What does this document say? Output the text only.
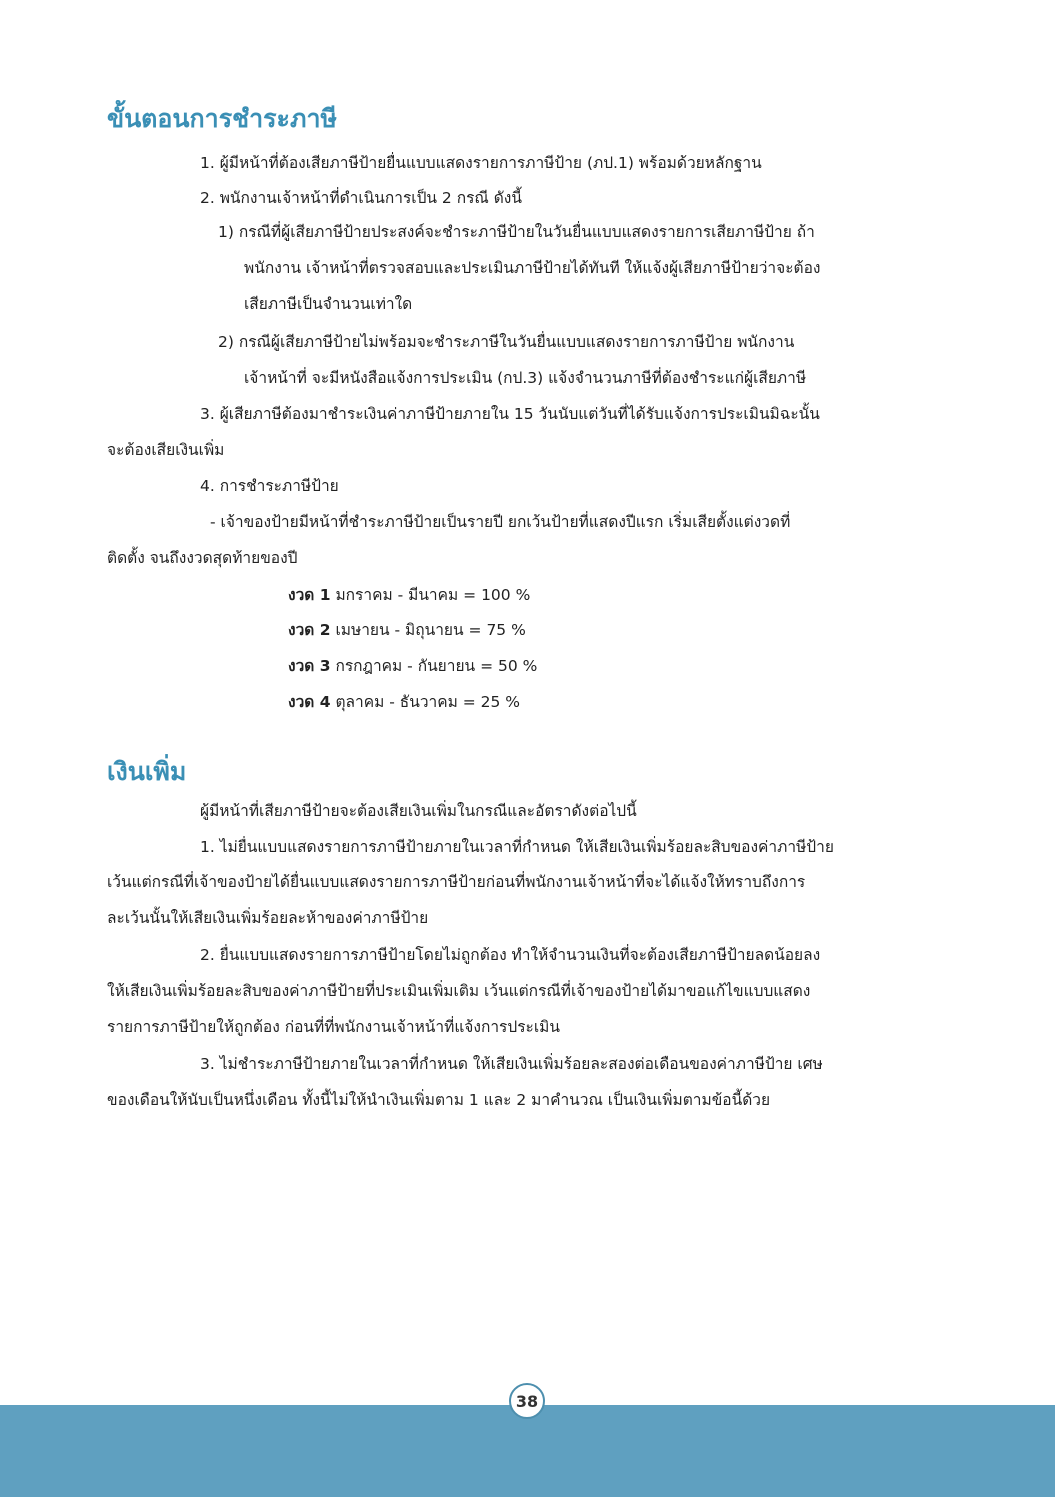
ขั้นตอนการชำระภาษี
1. ผู้มีหน้าที่ต้องเสียภาษีป้ายยื่นแบบแสดงรายการภาษีป้าย (ภป.1) พร้อมด้วยหลักฐาน
2. พนักงานเจ้าหน้าที่ดำเนินการเป็น 2 กรณี ดังนี้
1) กรณีที่ผู้เสียภาษีป้ายประสงค์จะชำระภาษีป้ายในวันยื่นแบบแสดงรายการเสียภาษีป้าย ถ้า
พนักงาน เจ้าหน้าที่ตรวจสอบและประเมินภาษีป้ายได้ทันที ให้แจ้งผู้เสียภาษีป้ายว่าจะต้อง
เสียภาษีเป็นจำนวนเท่าใด
2) กรณีผู้เสียภาษีป้ายไม่พร้อมจะชำระภาษีในวันยื่นแบบแสดงรายการภาษีป้าย พนักงาน
เจ้าหน้าที่ จะมีหนังสือแจ้งการประเมิน (กป.3) แจ้งจำนวนภาษีที่ต้องชำระแก่ผู้เสียภาษี
3. ผู้เสียภาษีต้องมาชำระเงินค่าภาษีป้ายภายใน 15 วันนับแต่วันที่ได้รับแจ้งการประเมินมิฉะนั้น
จะต้องเสียเงินเพิ่ม
4. การชำระภาษีป้าย
- เจ้าของป้ายมีหน้าที่ชำระภาษีป้ายเป็นรายปี ยกเว้นป้ายที่แสดงปีแรก เริ่มเสียตั้งแต่งวดที่
ติดตั้ง จนถึงงวดสุดท้ายของปี
งวด 1 มกราคม - มีนาคม = 100 %
งวด 2 เมษายน - มิถุนายน = 75 %
งวด 3 กรกฎาคม - กันยายน = 50 %
งวด 4 ตุลาคม - ธันวาคม = 25 %
เงินเพิ่ม
ผู้มีหน้าที่เสียภาษีป้ายจะต้องเสียเงินเพิ่มในกรณีและอัตราดังต่อไปนี้
1. ไม่ยื่นแบบแสดงรายการภาษีป้ายภายในเวลาที่กำหนด ให้เสียเงินเพิ่มร้อยละสิบของค่าภาษีป้าย
เว้นแต่กรณีที่เจ้าของป้ายได้ยื่นแบบแสดงรายการภาษีป้ายก่อนที่พนักงานเจ้าหน้าที่จะได้แจ้งให้ทราบถึงการ
ละเว้นนั้นให้เสียเงินเพิ่มร้อยละห้าของค่าภาษีป้าย
2. ยื่นแบบแสดงรายการภาษีป้ายโดยไม่ถูกต้อง ทำให้จำนวนเงินที่จะต้องเสียภาษีป้ายลดน้อยลง
ให้เสียเงินเพิ่มร้อยละสิบของค่าภาษีป้ายที่ประเมินเพิ่มเติม เว้นแต่กรณีที่เจ้าของป้ายได้มาขอแก้ไขแบบแสดง
รายการภาษีป้ายให้ถูกต้อง ก่อนที่ที่พนักงานเจ้าหน้าที่แจ้งการประเมิน
3. ไม่ชำระภาษีป้ายภายในเวลาที่กำหนด ให้เสียเงินเพิ่มร้อยละสองต่อเดือนของค่าภาษีป้าย เศษ
ของเดือนให้นับเป็นหนึ่งเดือน ทั้งนี้ไม่ให้นำเงินเพิ่มตาม 1 และ 2 มาคำนวณ เป็นเงินเพิ่มตามข้อนี้ด้วย
38
